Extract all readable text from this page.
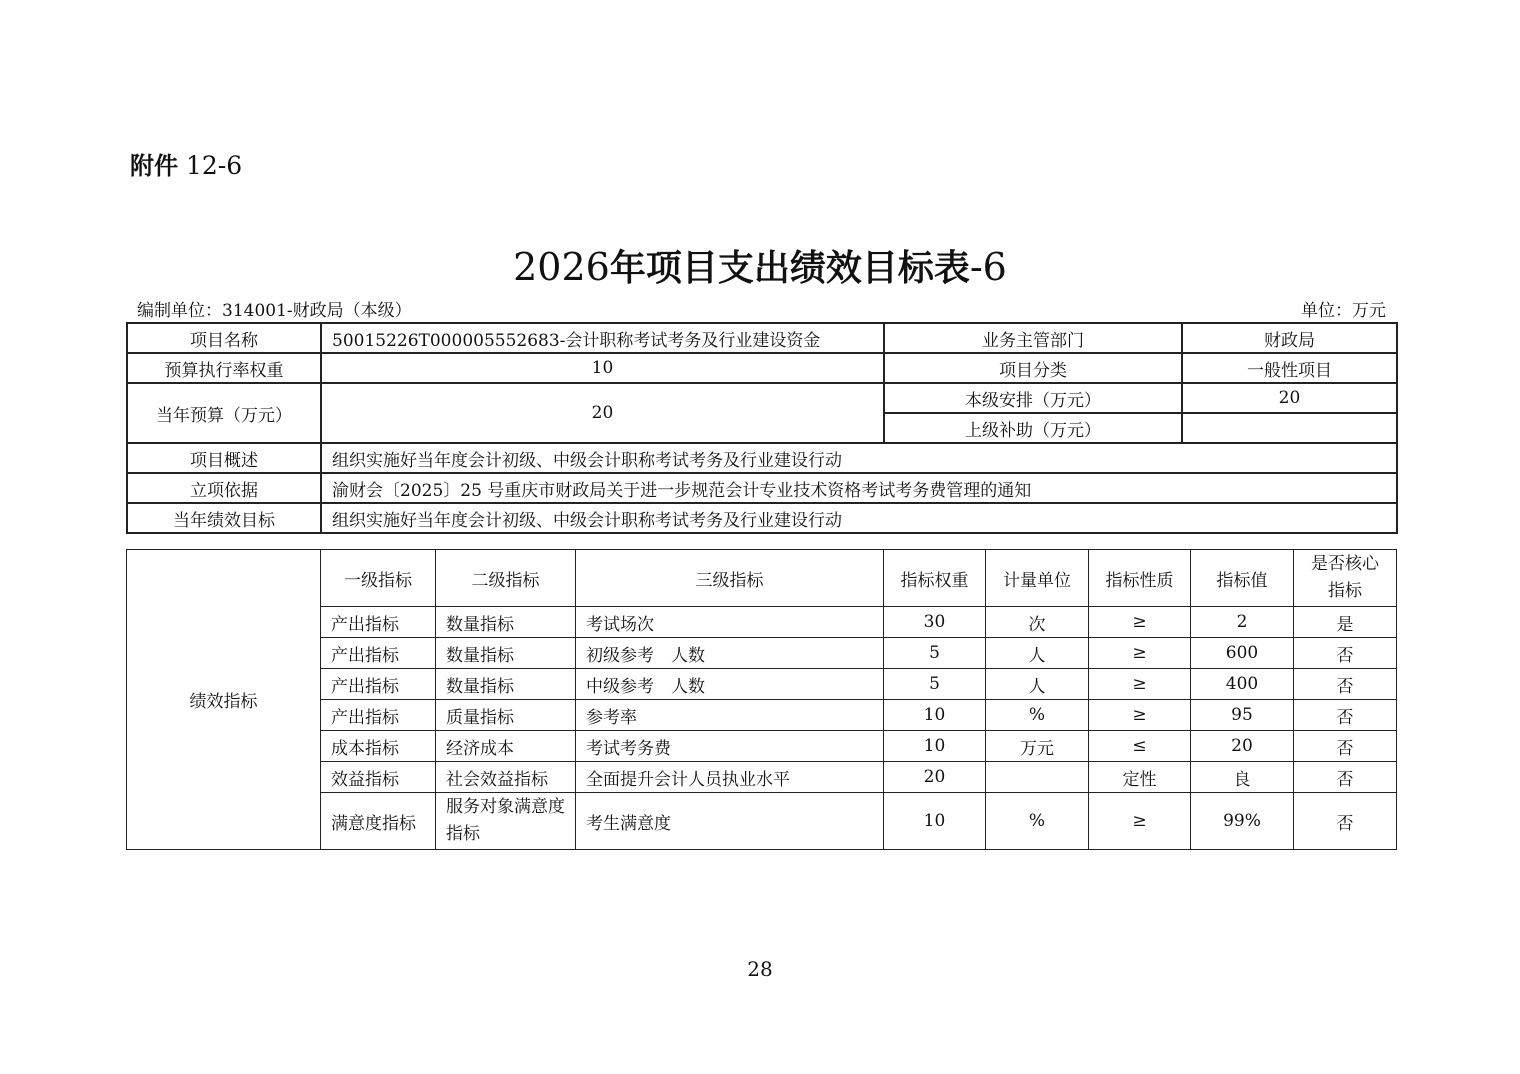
附件 12-6
2026年项目支出绩效目标表-6
编制单位：314001-财政局（本级）	单位：万元
项目名称	50015226T000005552683-会计职称考试考务及行业建设资金	业务主管部门	财政局
预算执行率权重	10	项目分类	一般性项目
当年预算（万元）	20	本级安排（万元）	20
		上级补助（万元）	
项目概述	组织实施好当年度会计初级、中级会计职称考试考务及行业建设行动		
立项依据	渝财会〔2025〕25 号重庆市财政局关于进一步规范会计专业技术资格考试考务费管理的通知		
当年绩效目标	组织实施好当年度会计初级、中级会计职称考试考务及行业建设行动		
绩效指标	一级指标	二级指标	三级指标	指标权重	计量单位	指标性质	指标值	是否核心指标
	产出指标	数量指标	考试场次	30	次	≥	2	是
	产出指标	数量指标	初级参考　人数	5	人	≥	600	否
	产出指标	数量指标	中级参考　人数	5	人	≥	400	否
	产出指标	质量指标	参考率	10	%	≥	95	否
	成本指标	经济成本	考试考务费	10	万元	≤	20	否
	效益指标	社会效益指标	全面提升会计人员执业水平	20		定性	良	否
	满意度指标	服务对象满意度指标	考生满意度	10	%	≥	99%	否
28
